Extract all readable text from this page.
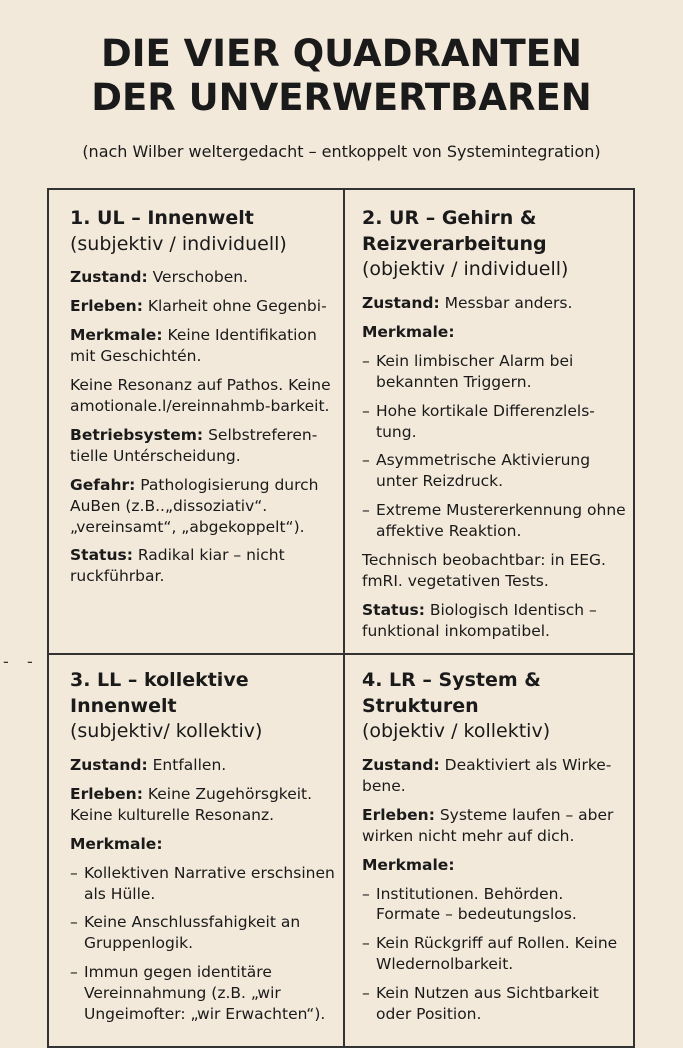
DIE VIER QUADRANTEN
DER UNVERWERTBAREN
(nach Wilber weltergedacht – entkoppelt von Systemintegration)
- -
1. UL – Innenwelt
(subjektiv / individuell)

Zustand: Verschoben.

Erleben: Klarheit ohne Gegenbi-

Merkmale: Keine Identifikation mit Geschichtén.

Keine Resonanz auf Pathos. Keine amotionale.l/ereinnahmb-barkeit.

Betriebsystem: Selbstreferen-tielle Untérscheidung.

Gefahr: Pathologisierung durch AuBen (z.B..„dissoziativ“. „vereinsamt“, „abgekoppelt“).

Status: Radikal kiar – nicht ruckführbar.

2. UR – Gehirn & Reizverarbeitung
(objektiv / individuell)

Zustand: Messbar anders.

Merkmale:

– Kein limbischer Alarm bei bekannten Triggern.
– Hohe kortikale Differenzlels-tung.
– Asymmetrische Aktivierung unter Reizdruck.
– Extreme Mustererkennung ohne affektive Reaktion.

Technisch beobachtbar: in EEG. fmRI. vegetativen Tests.

Status: Biologisch Identisch – funktional inkompatibel.

3. LL – kollektive Innenwelt
(subjektiv/ kollektiv)

Zustand: Entfallen.

Erleben: Keine Zugehörsgkeit. Keine kulturelle Resonanz.

Merkmale:

– Kollektiven Narrative erschsinen als Hülle.
– Keine Anschlussfahigkeit an Gruppenlogik.
– Immun gegen identitäre Vereinnahmung (z.B. „wir Ungeimofter: „wir Erwachten“).
4. LR – System & Strukturen
(objektiv / kollektiv)

Zustand: Deaktiviert als Wirke-bene.

Erleben: Systeme laufen – aber wirken nicht mehr auf dich.

Merkmale:

– Institutionen. Behörden. Formate – bedeutungslos.
– Kein Rückgriff auf Rollen. Keine Wledernolbarkeit.
– Kein Nutzen aus Sichtbarkeit oder Position.
